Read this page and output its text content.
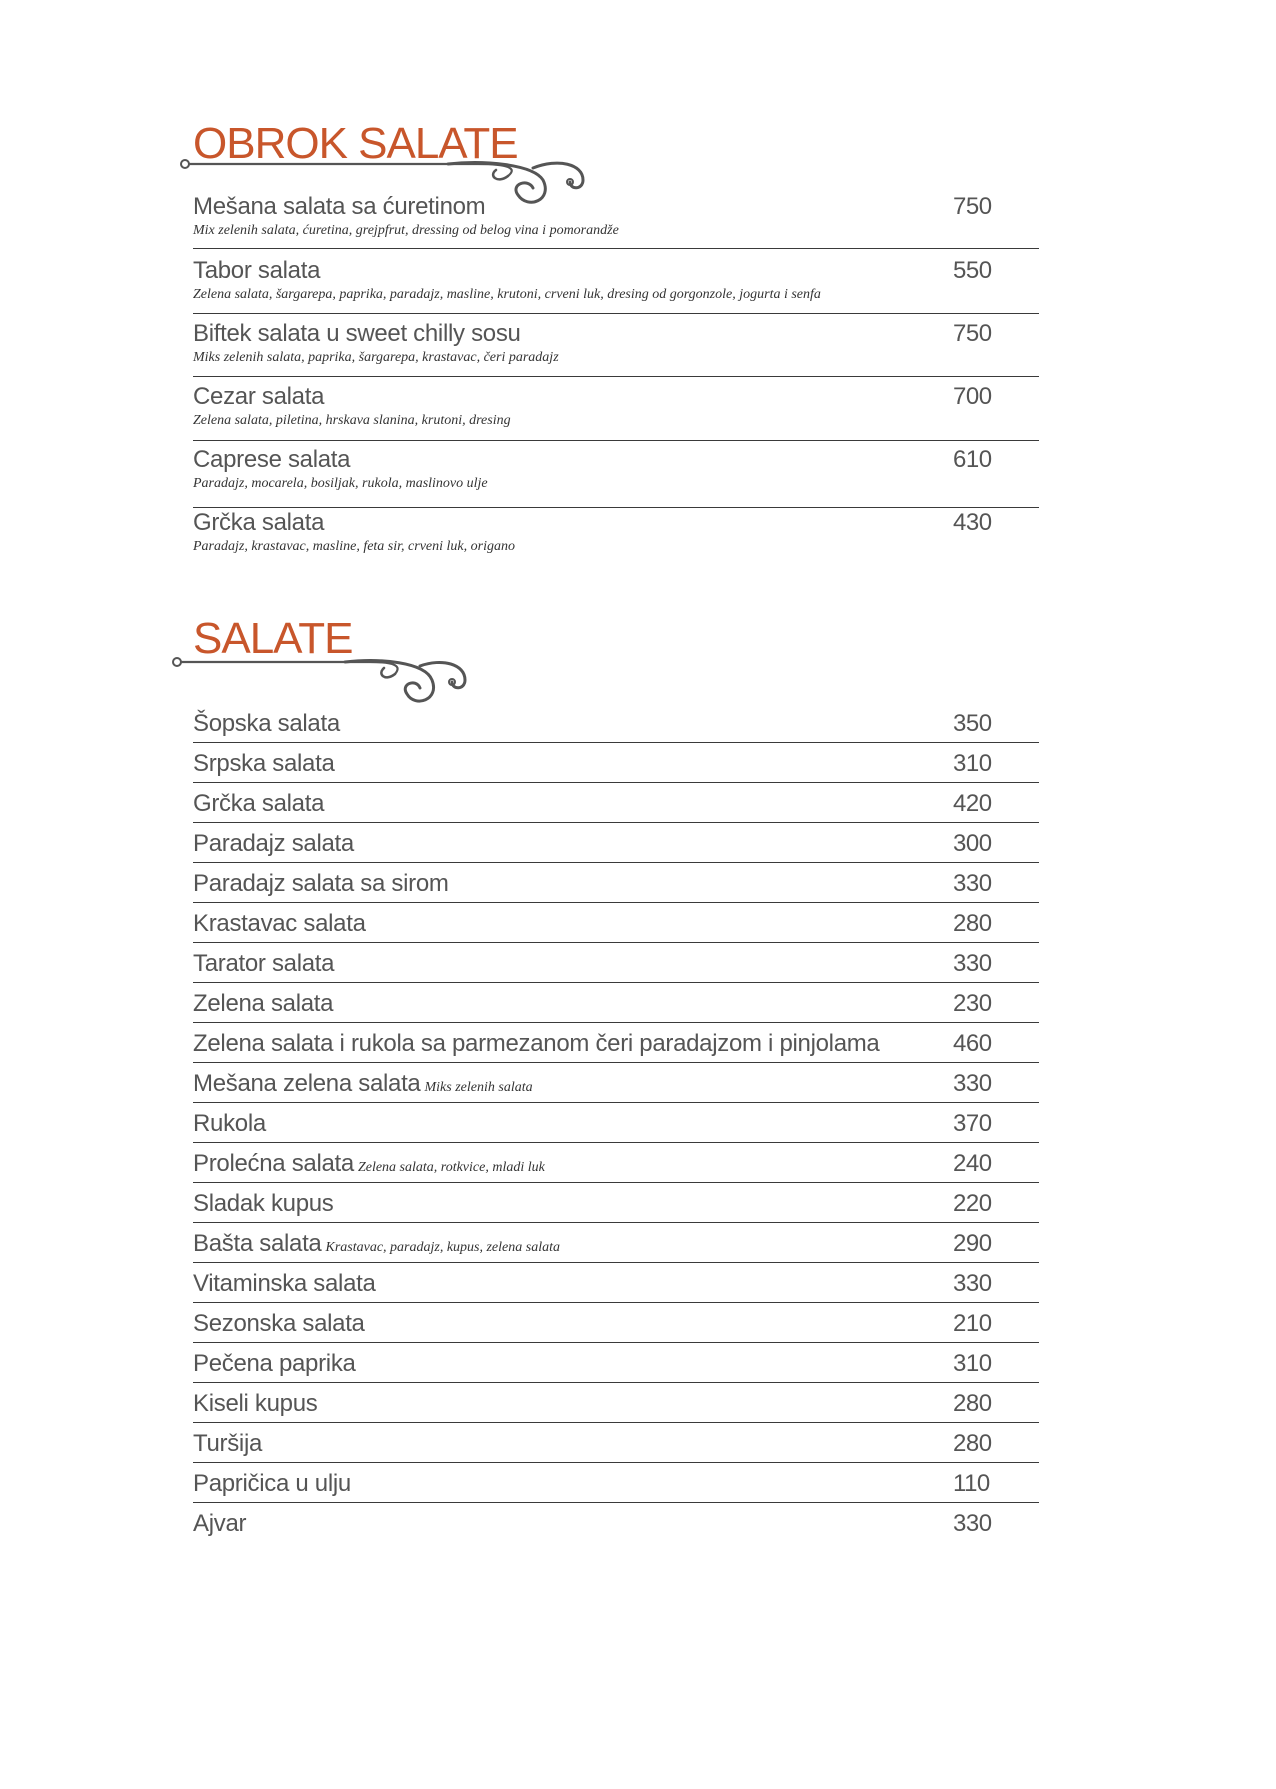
OBROK SALATE
Mešana salata sa ćuretinom	750
Mix zelenih salata, ćuretina, grejpfrut, dressing od belog vina i pomorandže
Tabor salata	550
Zelena salata, šargarepa, paprika, paradajz, masline, krutoni, crveni luk, dresing od gorgonzole, jogurta i senfa
Biftek salata u sweet chilly sosu	750
Miks zelenih salata, paprika, šargarepa, krastavac, čeri paradajz
Cezar salata	700
Zelena salata, piletina, hrskava slanina, krutoni, dresing
Caprese salata	610
Paradajz, mocarela, bosiljak, rukola, maslinovo ulje
Grčka salata	430
Paradajz, krastavac, masline, feta sir, crveni luk, origano
SALATE
Šopska salata	350
Srpska salata	310
Grčka salata	420
Paradajz salata	300
Paradajz salata sa sirom	330
Krastavac salata	280
Tarator salata	330
Zelena salata	230
Zelena salata i rukola sa parmezanom čeri paradajzom i pinjolama	460
Mešana zelena salata Miks zelenih salata	330
Rukola	370
Prolećna salata Zelena salata, rotkvice, mladi luk	240
Sladak kupus	220
Bašta salata Krastavac, paradajz, kupus, zelena salata	290
Vitaminska salata	330
Sezonska salata	210
Pečena paprika	310
Kiseli kupus	280
Turšija	280
Papričica u ulju	110
Ajvar	330
